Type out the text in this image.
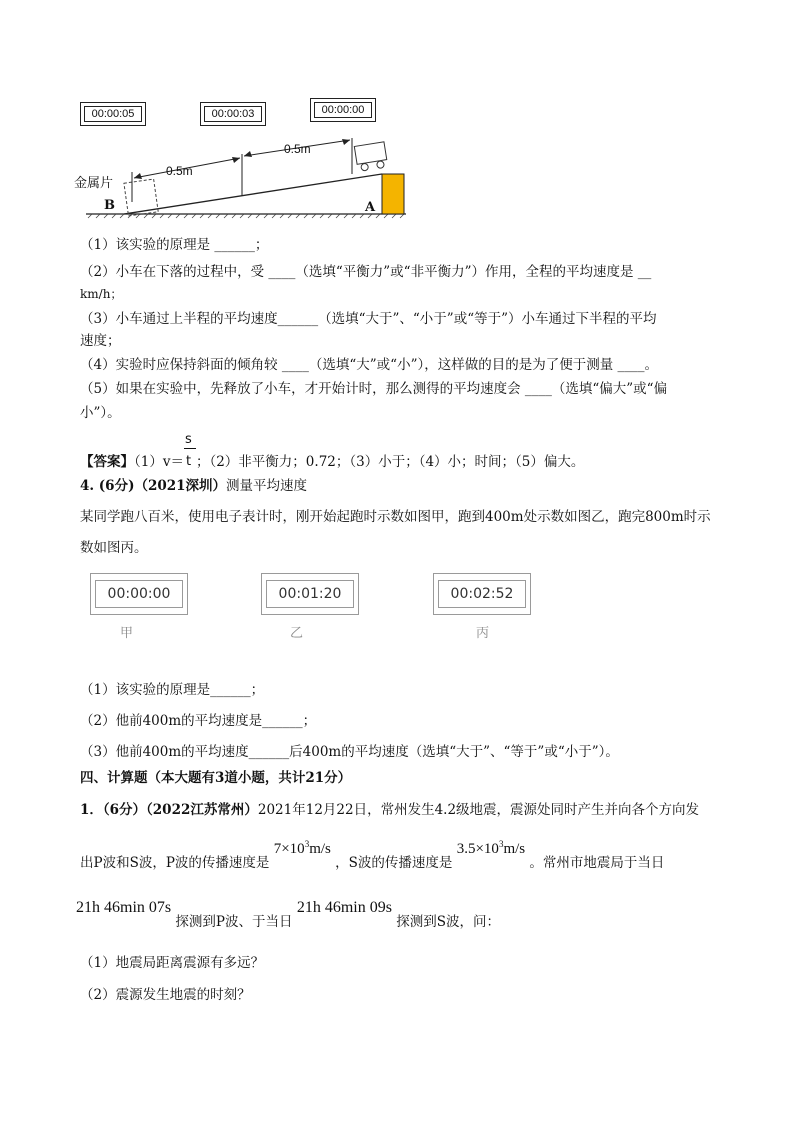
00:00:05	00:00:03	00:00:00
0.5m
0.5m
金属片
B	A
（1）该实验的原理是 ______；
（2）小车在下落的过程中，受 ____（选填“平衡力”或“非平衡力”）作用，全程的平均速度是 __
km/h；
（3）小车通过上半程的平均速度______（选填“大于”、“小于”或“等于”）小车通过下半程的平均
速度；
（4）实验时应保持斜面的倾角较 ____（选填“大”或“小”），这样做的目的是为了便于测量 ____。
（5）如果在实验中，先释放了小车，才开始计时，那么测得的平均速度会 ____（选填“偏大”或“偏
小”）。
【答案】$(1)v= \frac{s}{t}$ ；（2）非平衡力；0.72；（3）小于；（4）小；时间；（5）偏大。
4. (6分)（2021深圳）测量平均速度
某同学跑八百米，使用电子表计时，刚开始起跑时示数如图甲，跑到400m处示数如图乙，跑完800m时示
数如图丙。
00:00:00
甲
00:01:20
乙
00:02:52
丙
（1）该实验的原理是______；
（2）他前400m的平均速度是______；
（3）他前400m的平均速度______后400m的平均速度（选填“大于”、“等于”或“小于”）。
四、计算题（本大题有3道小题，共计21分）
1．（6分）（2022江苏常州）2021年12月22日，常州发生4.2级地震，震源处同时产生并向各个方向发
出P波和S波，P波的传播速度是 $7\times 10^3m/s$ ，S波的传播速度是 $3.5\times 10^3m/s$ 。常州市地震局于当日
21h 46min 07s 探测到P波、于当日 21h 46min 09s 探测到S波，问：
（1）地震局距离震源有多远？
（2）震源发生地震的时刻？
